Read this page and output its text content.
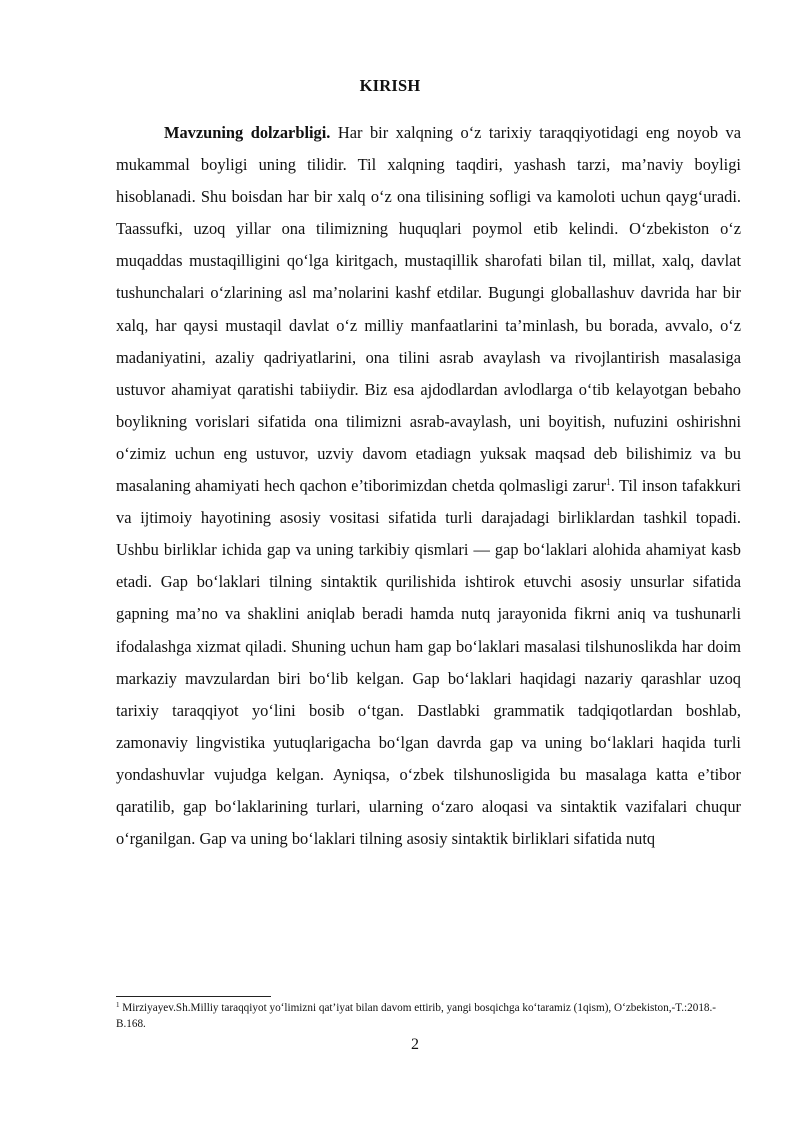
KIRISH

Mavzuning dolzarbligi. Har bir xalqning o‘z tarixiy taraqqiyotidagi eng noyob va mukammal boyligi uning tilidir. Til xalqning taqdiri, yashash tarzi, ma’naviy boyligi hisoblanadi. Shu boisdan har bir xalq o‘z ona tilisining sofligi va kamoloti uchun qayg‘uradi. Taassufki, uzoq yillar ona tilimizning huquqlari poymol etib kelindi. O‘zbekiston o‘z muqaddas mustaqilligini qo‘lga kiritgach, mustaqillik sharofati bilan til, millat, xalq, davlat tushunchalari o‘zlarining asl ma’nolarini kashf etdilar. Bugungi globallashuv davrida har bir xalq, har qaysi mustaqil davlat o‘z milliy manfaatlarini ta’minlash, bu borada, avvalo, o‘z madaniyatini, azaliy qadriyatlarini, ona tilini asrab avaylash va rivojlantirish masalasiga ustuvor ahamiyat qaratishi tabiiydir. Biz esa ajdodlardan avlodlarga o‘tib kelayotgan bebaho boylikning vorislari sifatida ona tilimizni asrab-avaylash, uni boyitish, nufuzini oshirishni o‘zimiz uchun eng ustuvor, uzviy davom etadiagn yuksak maqsad deb bilishimiz va bu masalaning ahamiyati hech qachon e’tiborimizdan chetda qolmasligi zarur$^1$. Til inson tafakkuri va ijtimoiy hayotining asosiy vositasi sifatida turli darajadagi birliklardan tashkil topadi. Ushbu birliklar ichida gap va uning tarkibiy qismlari — gap bo‘laklari alohida ahamiyat kasb etadi. Gap bo‘laklari tilning sintaktik qurilishida ishtirok etuvchi asosiy unsurlar sifatida gapning ma’no va shaklini aniqlab beradi hamda nutq jarayonida fikrni aniq va tushunarli ifodalashga xizmat qiladi. Shuning uchun ham gap bo‘laklari masalasi tilshunoslikda har doim markaziy mavzulardan biri bo‘lib kelgan. Gap bo‘laklari haqidagi nazariy qarashlar uzoq tarixiy taraqqiyot yo‘lini bosib o‘tgan. Dastlabki grammatik tadqiqotlardan boshlab, zamonaviy lingvistika yutuqlarigacha bo‘lgan davrda gap va uning bo‘laklari haqida turli yondashuvlar vujudga kelgan. Ayniqsa, o‘zbek tilshunosligida bu masalaga katta e’tibor qaratilib, gap bo‘laklarining turlari, ularning o‘zaro aloqasi va sintaktik vazifalari chuqur o‘rganilgan. Gap va uning bo‘laklari tilning asosiy sintaktik birliklari sifatida nutq

$^1$ Mirziyayev.Sh.Milliy taraqqiyot yo‘limizni qat’iyat bilan davom ettirib, yangi bosqichga ko‘taramiz (1qism), O‘zbekiston,-T.:2018.-B.168.

2
